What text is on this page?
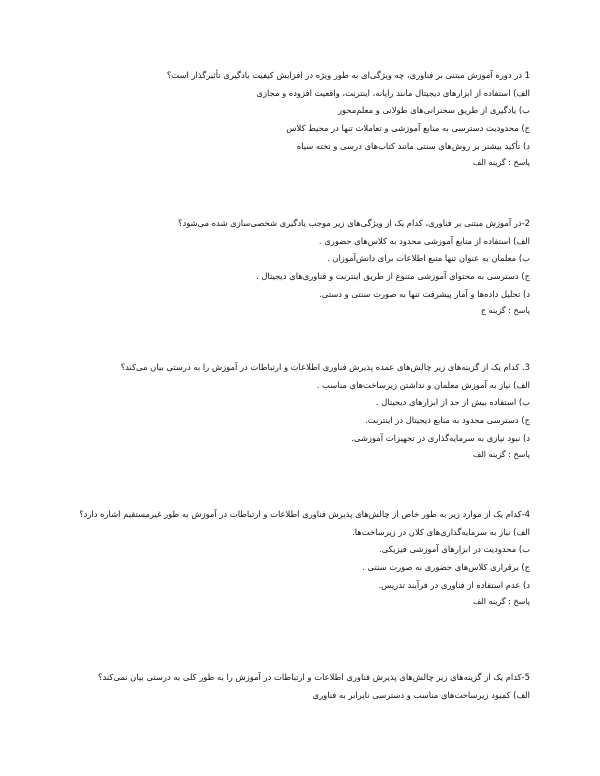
1 در دوره آموزش مبتنی بر فناوری، چه ویژگی‌ای به طور ویژه در افزایش کیفیت یادگیری تأثیرگذار است؟
الف) استفاده از ابزارهای دیجیتال مانند رایانه، اینترنت، واقعیت افزوده و مجازی
ب) یادگیری از طریق سخنرانی‌های طولانی و معلم‌محور
ج) محدودیت دسترسی به منابع آموزشی و تعاملات تنها در محیط کلاس
د) تأکید بیشتر بر روش‌های سنتی مانند کتاب‌های درسی و تخته سیاه
پاسخ : گزینه الف
2-در آموزش مبتنی بر فناوری، کدام یک از ویژگی‌های زیر موجب یادگیری شخصی‌سازی شده می‌شود؟
الف) استفاده از منابع آموزشی محدود به کلاس‌های حضوری .
ب) معلمان به عنوان تنها منبع اطلاعات برای دانش‌آموزان .
ج) دسترسی به محتوای آموزشی متنوع از طریق اینترنت و فناوری‌های دیجیتال .
د) تحلیل داده‌ها و آمار پیشرفت تنها به صورت سنتی و دستی.
پاسخ : گزینه ج
3. کدام یک از گزینه‌های زیر چالش‌های عمده پذیرش فناوری اطلاعات و ارتباطات در آموزش را به درستی بیان می‌کند؟
الف) نیاز به آموزش معلمان و نداشتن زیرساخت‌های مناسب .
ب) استفاده بیش از حد از ابزارهای دیجیتال .
ج) دسترسی محدود به منابع دیجیتال در اینترنت.
د) نبود نیازی به سرمایه‌گذاری در تجهیزات آموزشی.
پاسخ : گزینه الف
4-کدام یک از موارد زیر به طور خاص از چالش‌های پذیرش فناوری اطلاعات و ارتباطات در آموزش به طور غیرمستقیم اشاره دارد؟
الف) نیاز به سرمایه‌گذاری‌های کلان در زیرساخت‌ها.
ب) محدودیت در ابزارهای آموزشی فیزیکی.
ج) برقراری کلاس‌های حضوری به صورت سنتی .
د) عدم استفاده از فناوری در فرآیند تدریس.
پاسخ : گزینه الف
5-کدام یک از گزینه‌های زیر چالش‌های پذیرش فناوری اطلاعات و ارتباطات در آموزش را به طور کلی به درستی بیان نمی‌کند؟
الف) کمبود زیرساخت‌های مناسب و دسترسی نابرابر به فناوری
